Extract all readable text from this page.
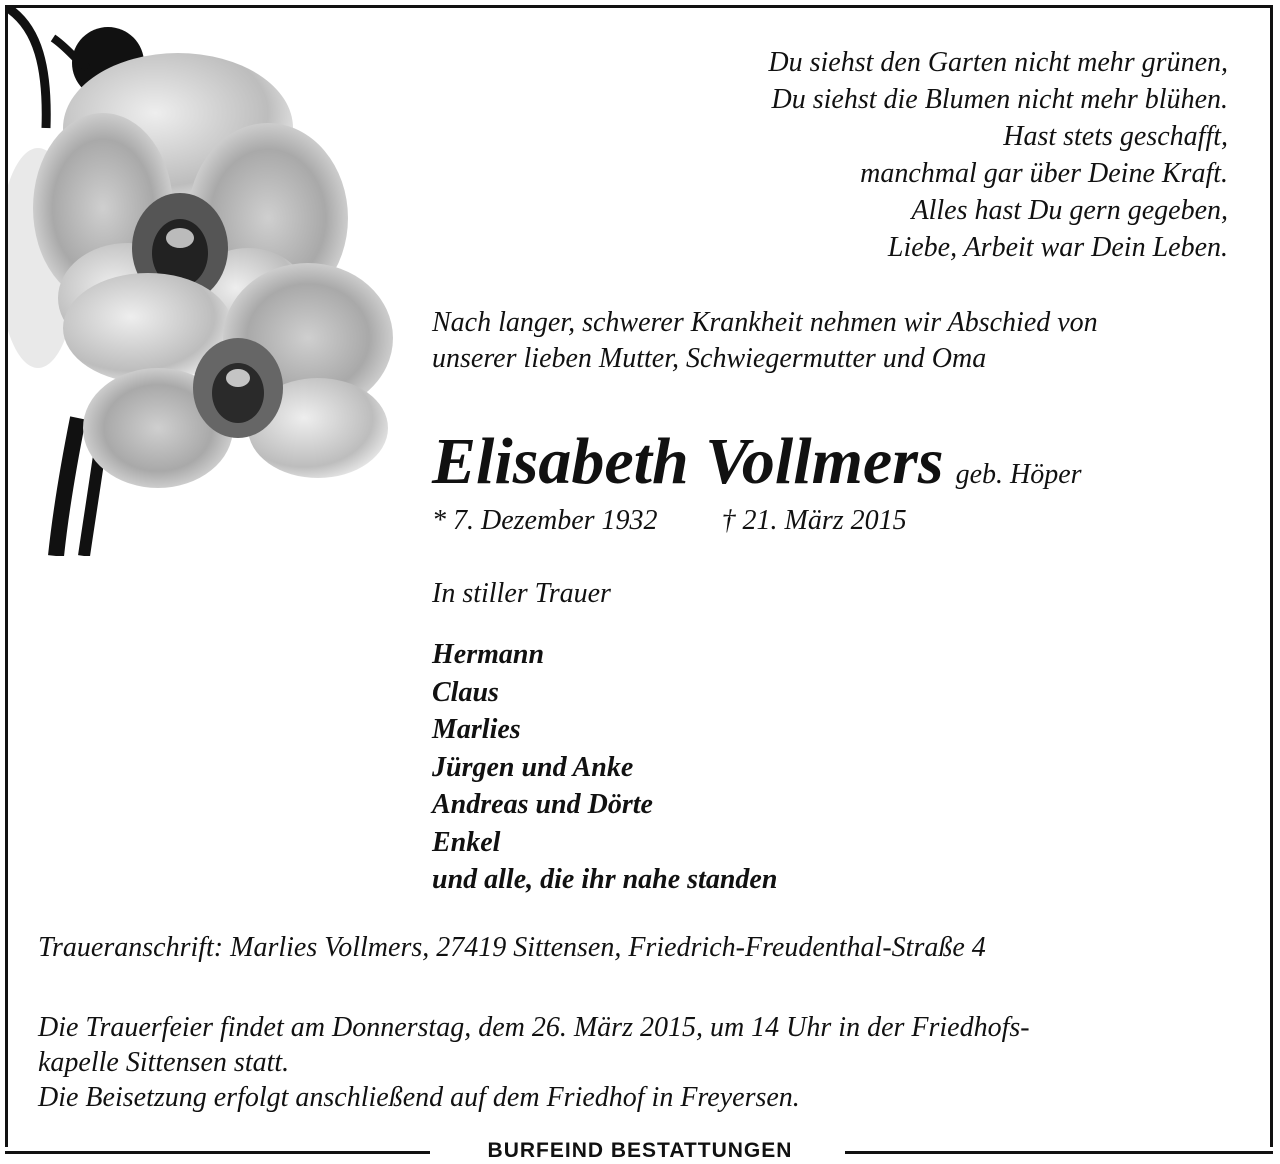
BURFEIND BESTATTUNGEN
Du siehst den Garten nicht mehr grünen,
Du siehst die Blumen nicht mehr blühen.
Hast stets geschafft,
manchmal gar über Deine Kraft.
Alles hast Du gern gegeben,
Liebe, Arbeit war Dein Leben.
Nach langer, schwerer Krankheit nehmen wir Abschied von
unserer lieben Mutter, Schwiegermutter und Oma
Elisabeth Vollmers geb. Höper
* 7. Dezember 1932 † 21. März 2015
In stiller Trauer
Hermann
Claus
Marlies
Jürgen und Anke
Andreas und Dörte
Enkel
und alle, die ihr nahe standen
Traueranschrift: Marlies Vollmers, 27419 Sittensen, Friedrich-Freudenthal-Straße 4
Die Trauerfeier findet am Donnerstag, dem 26. März 2015, um 14 Uhr in der Friedhofs-
kapelle Sittensen statt.
Die Beisetzung erfolgt anschließend auf dem Friedhof in Freyersen.
